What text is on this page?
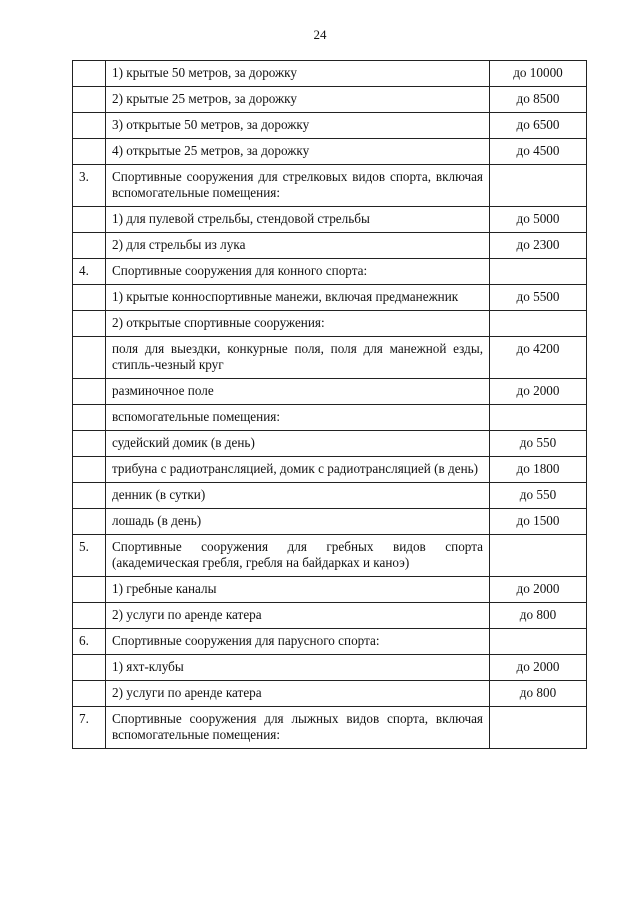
24
	1) крытые 50 метров, за дорожку	до 10000
	2) крытые 25 метров, за дорожку	до 8500
	3) открытые 50 метров, за дорожку	до 6500
	4) открытые 25 метров, за дорожку	до 4500
3.	Спортивные сооружения для стрелковых видов спорта, включая вспомогательные помещения:	
	1) для пулевой стрельбы, стендовой стрельбы	до 5000
	2) для стрельбы из лука	до 2300
4.	Спортивные сооружения для конного спорта:	
	1) крытые конноспортивные манежи, включая предманежник	до 5500
	2) открытые спортивные сооружения:	
	поля для выездки, конкурные поля, поля для манежной езды, стипль-чезный круг	до 4200
	разминочное поле	до 2000
	вспомогательные помещения:	
	судейский домик (в день)	до 550
	трибуна с радиотрансляцией, домик с радиотрансляцией (в день)	до 1800
	денник (в сутки)	до 550
	лошадь (в день)	до 1500
5.	Спортивные сооружения для гребных видов спорта (академическая гребля, гребля на байдарках и каноэ)	
	1) гребные каналы	до 2000
	2) услуги по аренде катера	до 800
6.	Спортивные сооружения для парусного спорта:	
	1) яхт-клубы	до 2000
	2) услуги по аренде катера	до 800
7.	Спортивные сооружения для лыжных видов спорта, включая вспомогательные помещения:	
